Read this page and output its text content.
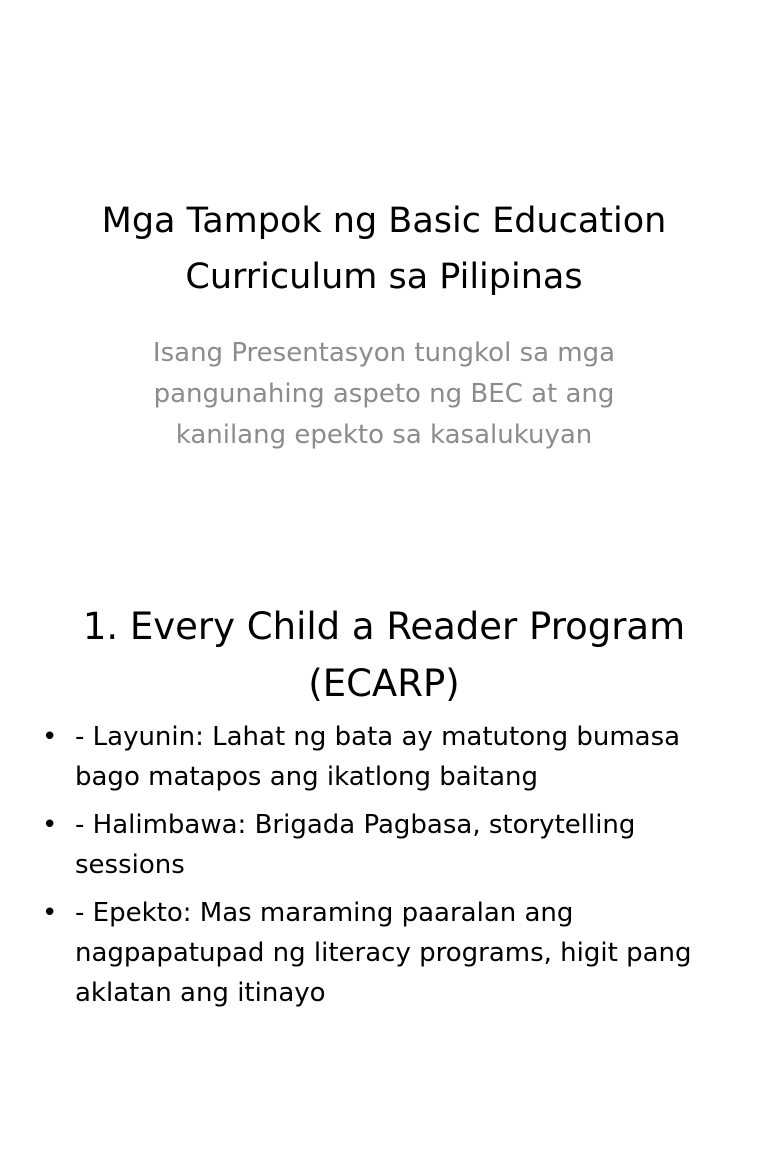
Mga Tampok ng Basic Education
Curriculum sa Pilipinas

Isang Presentasyon tungkol sa mga
pangunahing aspeto ng BEC at ang
kanilang epekto sa kasalukuyan

1. Every Child a Reader Program
(ECARP)
• - Layunin: Lahat ng bata ay matutong bumasa
bago matapos ang ikatlong baitang
• - Halimbawa: Brigada Pagbasa, storytelling
sessions
• - Epekto: Mas maraming paaralan ang
nagpapatupad ng literacy programs, higit pang
aklatan ang itinayo
